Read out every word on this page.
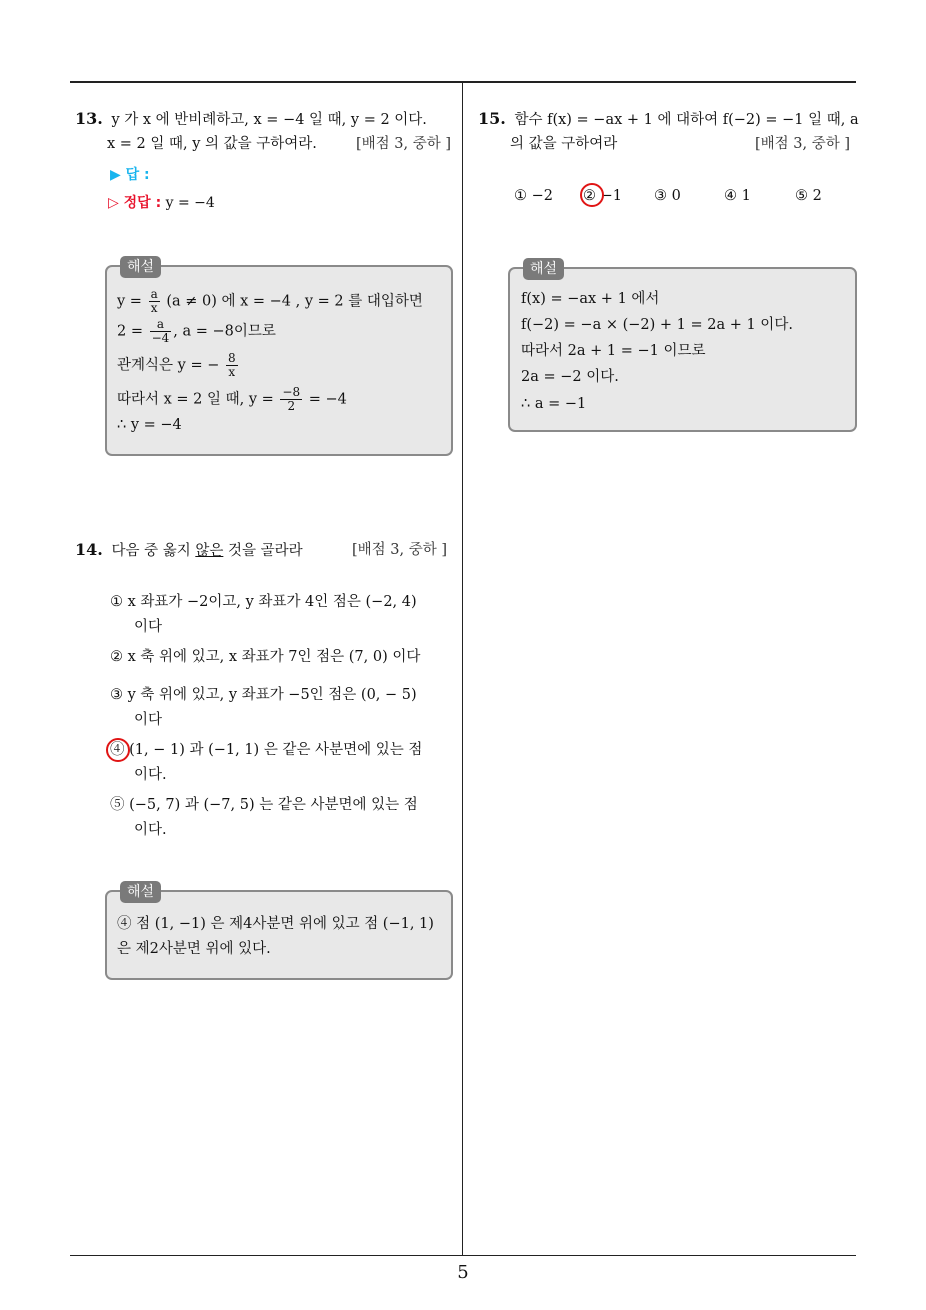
13. y 가 x 에 반비례하고, x = −4 일 때, y = 2 이다.
x = 2 일 때, y 의 값을 구하여라.	[배점 3, 중하 ]
▶ 답 :
▷ 정답 : y = −4
해설
$y = \frac{a}{x} (a \ne 0)$ 에 x = −4 , y = 2 를 대입하면
$2 = \frac{a}{-4}$ , a = −8이므로
관계식은 y = − $\frac{8}{x}$
따라서 x = 2 일 때, $y = \frac{-8}{2} = -4$
∴ y = −4
14. 다음 중 옳지 않은 것을 골라라	[배점 3, 중하 ]
① x 좌표가 −2이고, y 좌표가 4인 점은 (−2, 4)
이다
② x 축 위에 있고, x 좌표가 7인 점은 (7, 0) 이다
③ y 축 위에 있고, y 좌표가 −5인 점은 (0, − 5)
이다
④ (1, − 1) 과 (−1, 1) 은 같은 사분면에 있는 점
이다.
⑤ (−5, 7) 과 (−7, 5) 는 같은 사분면에 있는 점
이다.
해설
④ 점 (1, −1) 은 제4사분면 위에 있고 점 (−1, 1)
은 제2사분면 위에 있다.
15. 함수 f(x) = −ax + 1 에 대하여 f(−2) = −1 일 때, a
의 값을 구하여라	[배점 3, 중하 ]
① −2 ② −1 ③ 0	④ 1	⑤ 2
해설
f(x) = −ax + 1 에서
f(−2) = −a × (−2) + 1 = 2a + 1 이다.
따라서 2a + 1 = −1 이므로
2a = −2 이다.
∴ a = −1
5
